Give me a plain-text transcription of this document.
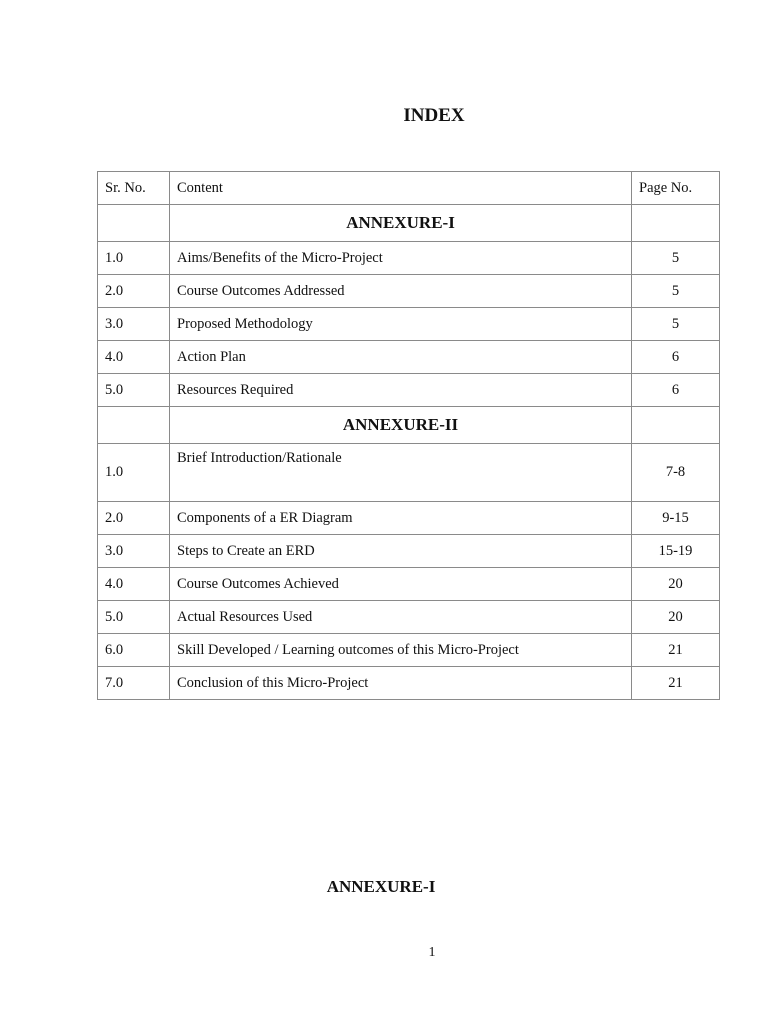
INDEX
Sr. No.	Content	Page No.
	ANNEXURE-I	
1.0	Aims/Benefits of the Micro-Project	5
2.0	Course Outcomes Addressed	5
3.0	Proposed Methodology	5
4.0	Action Plan	6
5.0	Resources Required	6
	ANNEXURE-II	
1.0	Brief Introduction/Rationale	7-8
2.0	Components of a ER Diagram	9-15
3.0	Steps to Create an ERD	15-19
4.0	Course Outcomes Achieved	20
5.0	Actual Resources Used	20
6.0	Skill Developed / Learning outcomes of this Micro-Project	21
7.0	Conclusion of this Micro-Project	21
ANNEXURE-I
1
